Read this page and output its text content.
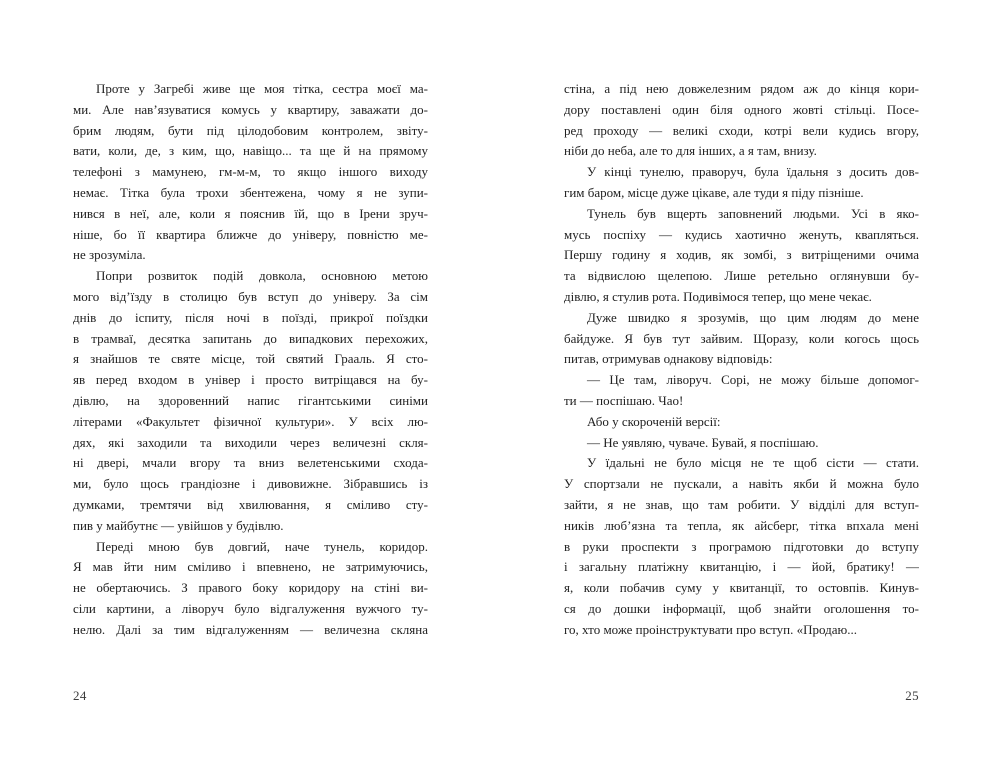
Проте у Загребі живе ще моя тітка, сестра моєї ма-
ми. Але нав’язуватися комусь у квартиру, заважати до-
брим людям, бути під цілодобовим контролем, звіту-
вати, коли, де, з ким, що, навіщо... та ще й на прямому
телефоні з мамунею, гм-м-м, то якщо іншого виходу
немає. Тітка була трохи збентежена, чому я не зупи-
нився в неї, але, коли я пояснив їй, що в Ірени зруч-
ніше, бо її квартира ближче до універу, повністю ме-
не зрозуміла.
Попри розвиток подій довкола, основною метою
мого від’їзду в столицю був вступ до універу. За сім
днів до іспиту, після ночі в поїзді, прикрої поїздки
в трамваї, десятка запитань до випадкових перехожих,
я знайшов те святе місце, той святий Грааль. Я сто-
яв перед входом в універ і просто витріщався на бу-
дівлю, на здоровенний напис гігантськими синіми
літерами «Факультет фізичної культури». У всіх лю-
дях, які заходили та виходили через величезні скля-
ні двері, мчали вгору та вниз велетенськими схода-
ми, було щось грандіозне і дивовижне. Зібравшись із
думками, тремтячи від хвилювання, я сміливо сту-
пив у майбутнє — увійшов у будівлю.
Переді мною був довгий, наче тунель, коридор.
Я мав йти ним сміливо і впевнено, не затримуючись,
не обертаючись. З правого боку коридору на стіні ви-
сіли картини, а ліворуч було відгалуження вужчого ту-
нелю. Далі за тим відгалуженням — величезна скляна
24
стіна, а під нею довжелезним рядом аж до кінця кори-
дору поставлені один біля одного жовті стільці. Посе-
ред проходу — великі сходи, котрі вели кудись вгору,
ніби до неба, але то для інших, а я там, внизу.
У кінці тунелю, праворуч, була їдальня з досить дов-
гим баром, місце дуже цікаве, але туди я піду пізніше.
Тунель був вщерть заповнений людьми. Усі в яко-
мусь поспіху — кудись хаотично женуть, квапляться.
Першу годину я ходив, як зомбі, з витріщеними очима
та відвислою щелепою. Лише ретельно оглянувши бу-
дівлю, я стулив рота. Подивімося тепер, що мене чекає.
Дуже швидко я зрозумів, що цим людям до мене
байдуже. Я був тут зайвим. Щоразу, коли когось щось
питав, отримував однакову відповідь:
— Це там, ліворуч. Сорі, не можу більше допомог-
ти — поспішаю. Чао!
Або у скороченій версії:
— Не уявляю, чуваче. Бувай, я поспішаю.
У їдальні не було місця не те щоб сісти — стати.
У спортзали не пускали, а навіть якби й можна було
зайти, я не знав, що там робити. У відділі для вступ-
ників люб’язна та тепла, як айсберг, тітка впхала мені
в руки проспекти з програмою підготовки до вступу
і загальну платіжну квитанцію, і — йой, братику! —
я, коли побачив суму у квитанції, то остовпів. Кинув-
ся до дошки інформації, щоб знайти оголошення то-
го, хто може проінструктувати про вступ. «Продаю...
25
